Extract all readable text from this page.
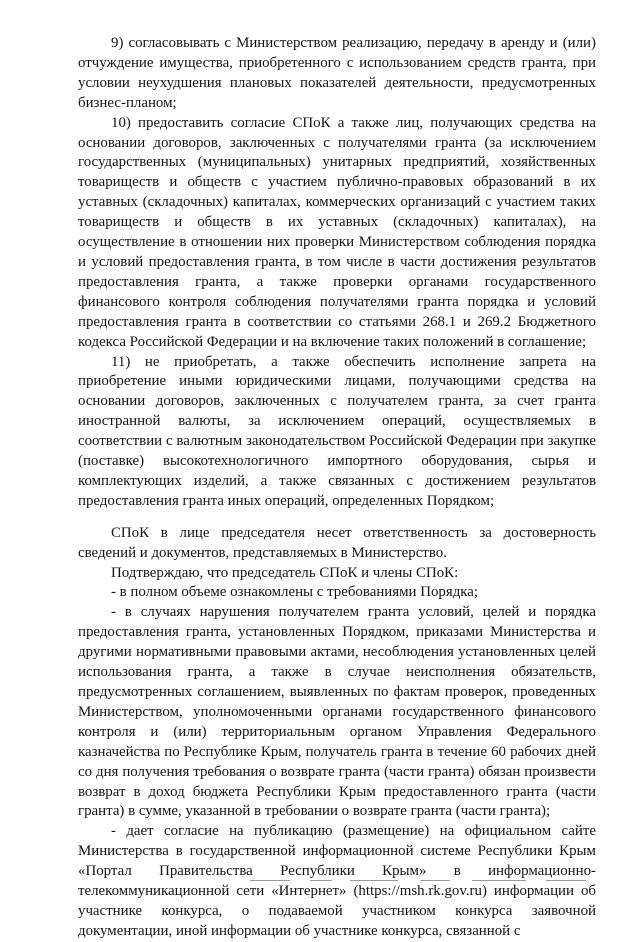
9) согласовывать с Министерством реализацию, передачу в аренду и (или) отчуждение имущества, приобретенного с использованием средств гранта, при условии неухудшения плановых показателей деятельности, предусмотренных бизнес-планом;

10) предоставить согласие СПоК а также лиц, получающих средства на основании договоров, заключенных с получателями гранта (за исключением государственных (муниципальных) унитарных предприятий, хозяйственных товариществ и обществ с участием публично-правовых образований в их уставных (складочных) капиталах, коммерческих организаций с участием таких товариществ и обществ в их уставных (складочных) капиталах), на осуществление в отношении них проверки Министерством соблюдения порядка и условий предоставления гранта, в том числе в части достижения результатов предоставления гранта, а также проверки органами государственного финансового контроля соблюдения получателями гранта порядка и условий предоставления гранта в соответствии со статьями 268.1 и 269.2 Бюджетного кодекса Российской Федерации и на включение таких положений в соглашение;

11) не приобретать, а также обеспечить исполнение запрета на приобретение иными юридическими лицами, получающими средства на основании договоров, заключенных с получателем гранта, за счет гранта иностранной валюты, за исключением операций, осуществляемых в соответствии с валютным законодательством Российской Федерации при закупке (поставке) высокотехнологичного импортного оборудования, сырья и комплектующих изделий, а также связанных с достижением результатов предоставления гранта иных операций, определенных Порядком;

СПоК в лице председателя несет ответственность за достоверность сведений и документов, представляемых в Министерство.

Подтверждаю, что председатель СПоК и члены СПоК:

- в полном объеме ознакомлены с требованиями Порядка;

- в случаях нарушения получателем гранта условий, целей и порядка предоставления гранта, установленных Порядком, приказами Министерства и другими нормативными правовыми актами, несоблюдения установленных целей использования гранта, а также в случае неисполнения обязательств, предусмотренных соглашением, выявленных по фактам проверок, проведенных Министерством, уполномоченными органами государственного финансового контроля и (или) территориальным органом Управления Федерального казначейства по Республике Крым, получатель гранта в течение 60 рабочих дней со дня получения требования о возврате гранта (части гранта) обязан произвести возврат в доход бюджета Республики Крым предоставленного гранта (части гранта) в сумме, указанной в требовании о возврате гранта (части гранта);

- дает согласие на публикацию (размещение) на официальном сайте Министерства в государственной информационной системе Республики Крым «Портал Правительства Республики Крым» в информационно-телекоммуникационной сети «Интернет» (https://msh.rk.gov.ru) информации об участнике конкурса, о подаваемой участником конкурса заявочной документации, иной информации об участнике конкурса, связанной с
